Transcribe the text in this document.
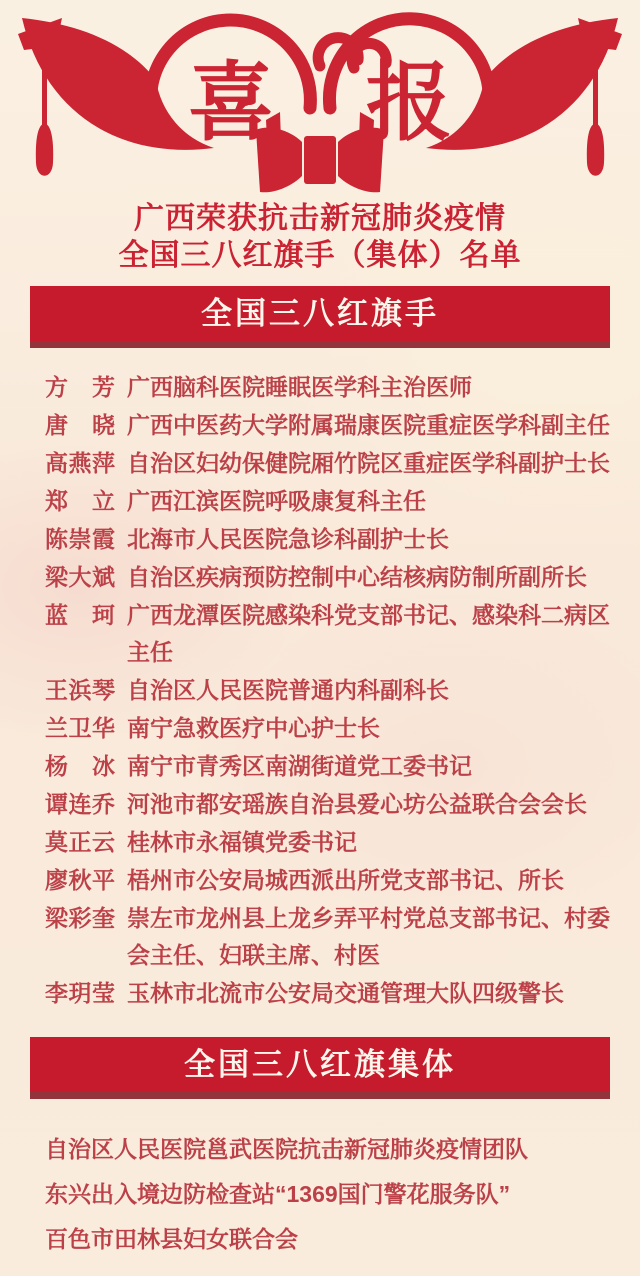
喜 报
广西荣获抗击新冠肺炎疫情
全国三八红旗手（集体）名单
全国三八红旗手
方芳 广西脑科医院睡眠医学科主治医师
唐晓 广西中医药大学附属瑞康医院重症医学科副主任
高燕萍 自治区妇幼保健院厢竹院区重症医学科副护士长
郑立 广西江滨医院呼吸康复科主任
陈崇霞 北海市人民医院急诊科副护士长
梁大斌 自治区疾病预防控制中心结核病防制所副所长
蓝珂 广西龙潭医院感染科党支部书记、感染科二病区主任
王浜琴 自治区人民医院普通内科副科长
兰卫华 南宁急救医疗中心护士长
杨冰 南宁市青秀区南湖街道党工委书记
谭连乔 河池市都安瑶族自治县爱心坊公益联合会会长
莫正云 桂林市永福镇党委书记
廖秋平 梧州市公安局城西派出所党支部书记、所长
梁彩奎 崇左市龙州县上龙乡弄平村党总支部书记、村委会主任、妇联主席、村医
李玥莹 玉林市北流市公安局交通管理大队四级警长
全国三八红旗集体
自治区人民医院邕武医院抗击新冠肺炎疫情团队
东兴出入境边防检查站“1369国门警花服务队”
百色市田林县妇女联合会
